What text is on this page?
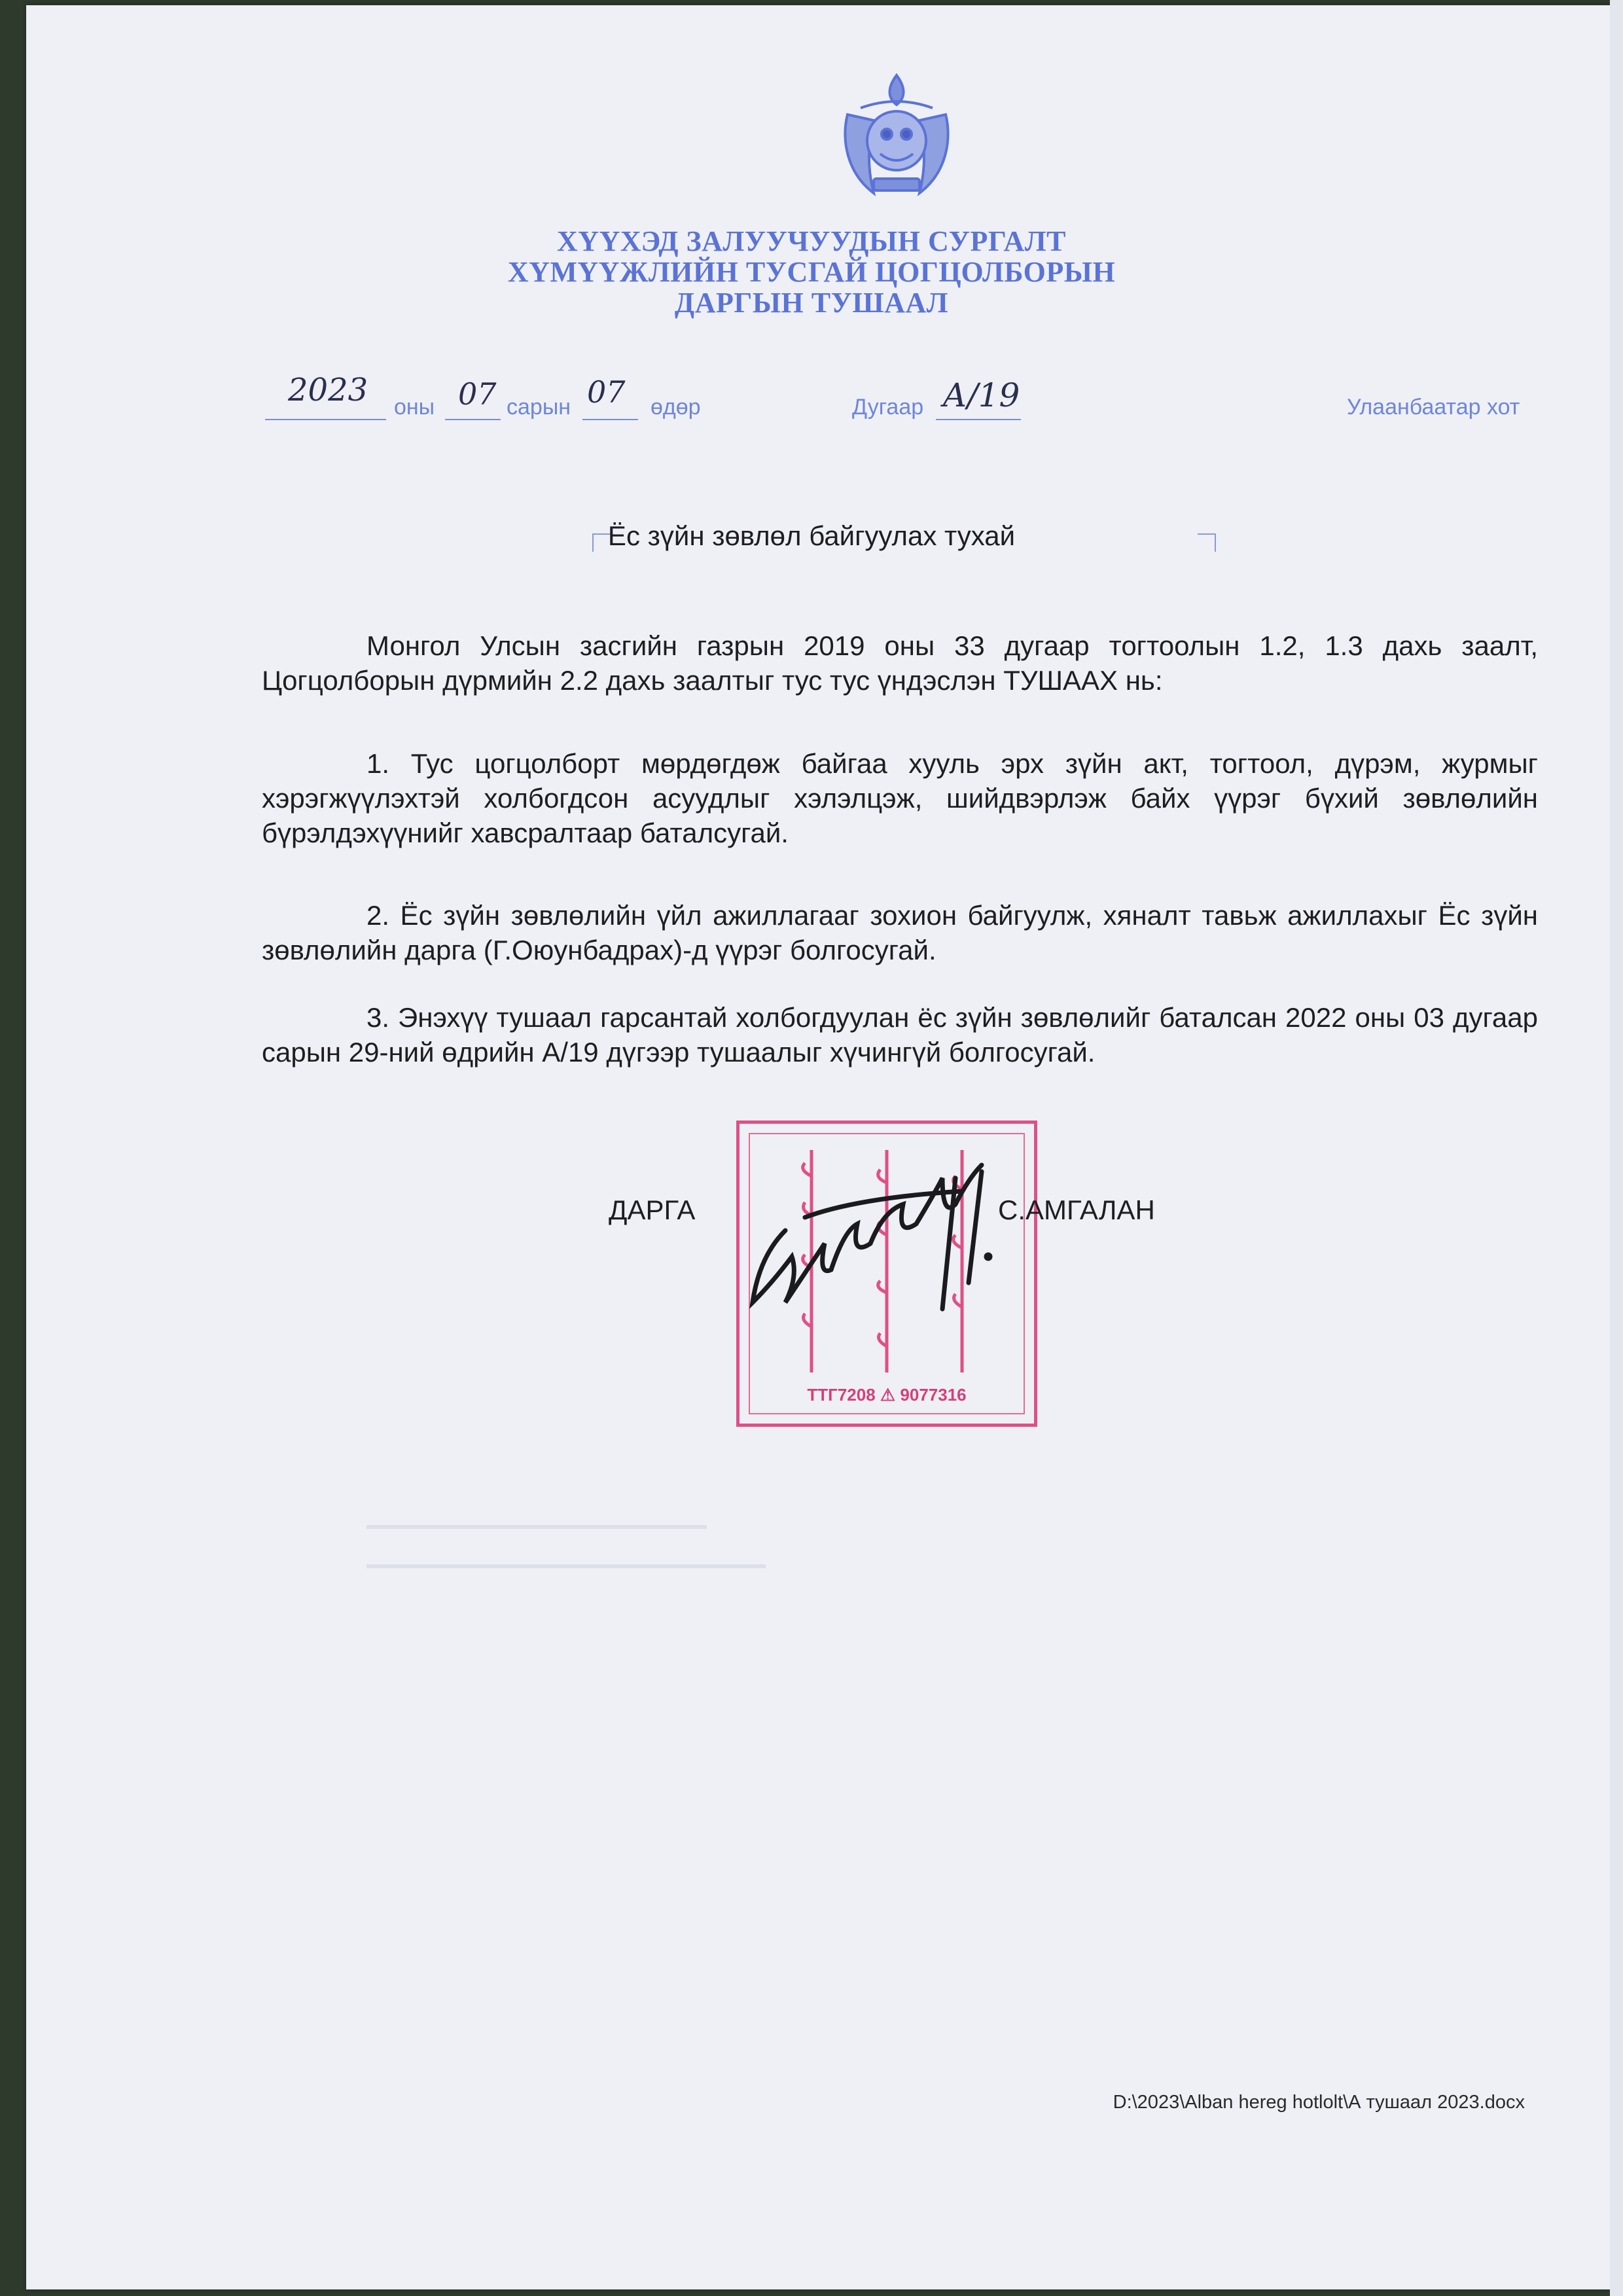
ХҮҮХЭД ЗАЛУУЧУУДЫН СУРГАЛТ
ХҮМҮҮЖЛИЙН ТУСГАЙ ЦОГЦОЛБОРЫН
ДАРГЫН ТУШААЛ
2023 оны 07 сарын 07 өдөр	Дугаар А/19	Улаанбаатар хот
Ёс зүйн зөвлөл байгуулах тухай
Монгол Улсын засгийн газрын 2019 оны 33 дугаар тогтоолын 1.2, 1.3 дахь заалт, Цогцолборын дүрмийн 2.2 дахь заалтыг тус тус үндэслэн ТУШААХ нь:
1. Тус цогцолборт мөрдөгдөж байгаа хууль эрх зүйн акт, тогтоол, дүрэм, журмыг хэрэгжүүлэхтэй холбогдсон асуудлыг хэлэлцэж, шийдвэрлэж байх үүрэг бүхий зөвлөлийн бүрэлдэхүүнийг хавсралтаар баталсугай.
2. Ёс зүйн зөвлөлийн үйл ажиллагааг зохион байгуулж, хяналт тавьж ажиллахыг Ёс зүйн зөвлөлийн дарга (Г.Оюунбадрах)-д үүрэг болгосугай.
3. Энэхүү тушаал гарсантай холбогдуулан ёс зүйн зөвлөлийг баталсан 2022 оны 03 дугаар сарын 29-ний өдрийн А/19 дүгээр тушаалыг хүчингүй болгосугай.
ТТГ7208 ⚠ 9077316
ДАРГА	С.АМГАЛАН
D:\2023\Alban hereg hotlolt\А тушаал 2023.docx
